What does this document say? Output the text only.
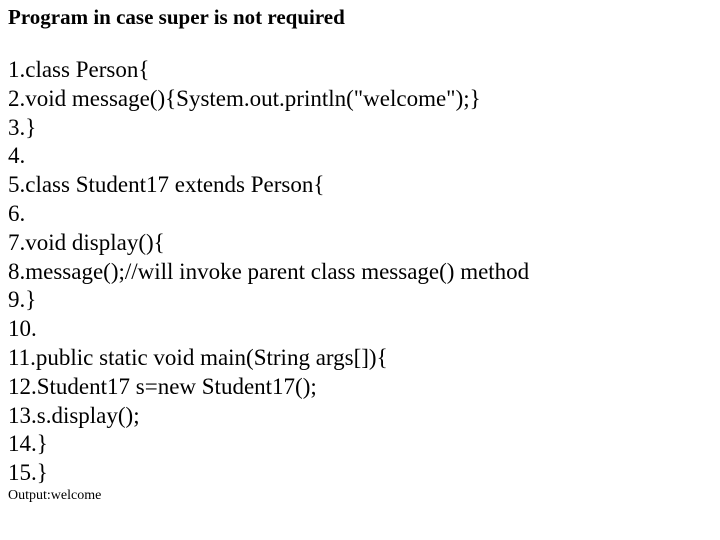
Program in case super is not required
1.class Person{
2.void message(){System.out.println("welcome");}
3.}
4.
5.class Student17 extends Person{
6.
7.void display(){
8.message();//will invoke parent class message() method
9.}
10.
11.public static void main(String args[]){
12.Student17 s=new Student17();
13.s.display();
14.}
15.}
Output:welcome
